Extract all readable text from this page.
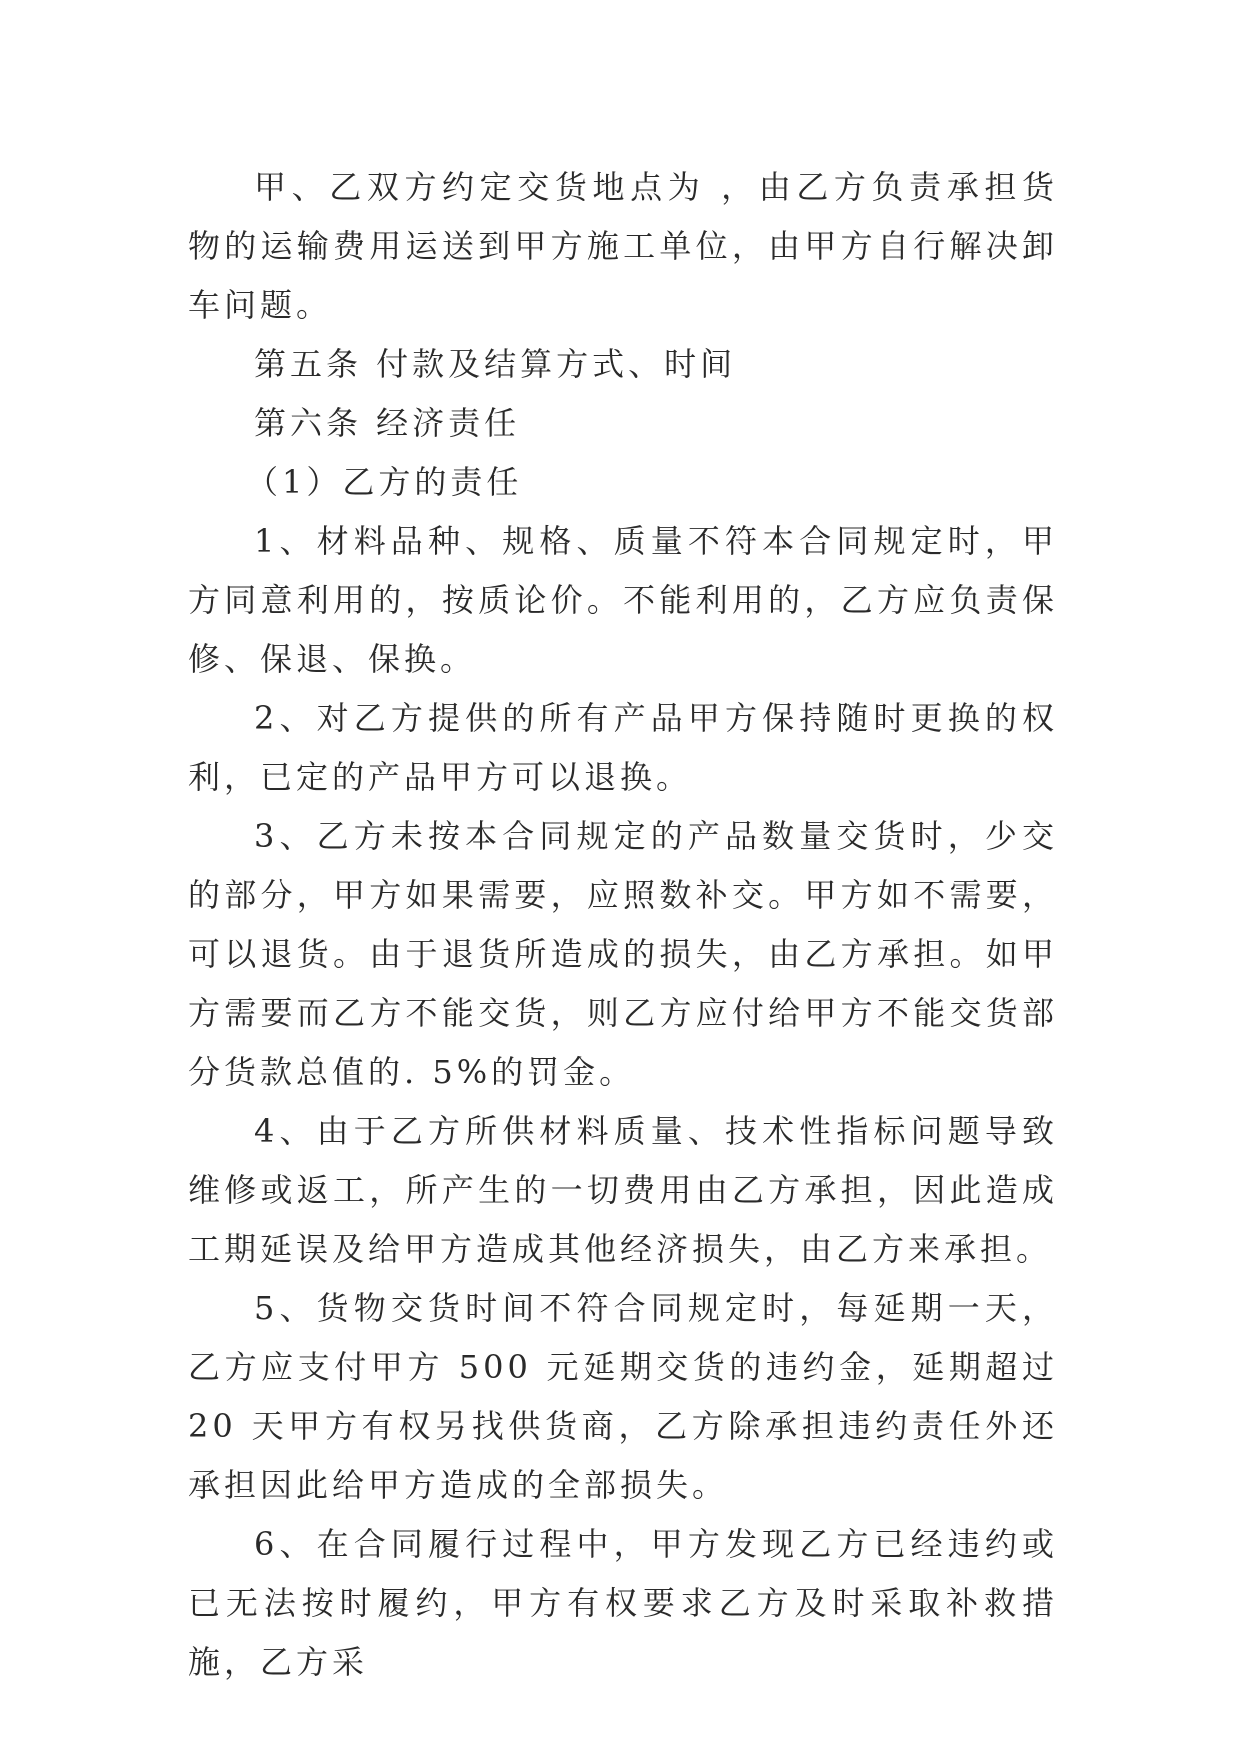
甲、乙双方约定交货地点为 ，由乙方负责承担货物的运输费用运送到甲方施工单位，由甲方自行解决卸车问题。

第五条 付款及结算方式、时间

第六条 经济责任

（1）乙方的责任

1、材料品种、规格、质量不符本合同规定时，甲方同意利用的，按质论价。不能利用的，乙方应负责保修、保退、保换。

2、对乙方提供的所有产品甲方保持随时更换的权利，已定的产品甲方可以退换。

3、乙方未按本合同规定的产品数量交货时，少交的部分，甲方如果需要，应照数补交。甲方如不需要，可以退货。由于退货所造成的损失，由乙方承担。如甲方需要而乙方不能交货，则乙方应付给甲方不能交货部分货款总值的. 5%的罚金。

4、由于乙方所供材料质量、技术性指标问题导致维修或返工，所产生的一切费用由乙方承担，因此造成工期延误及给甲方造成其他经济损失，由乙方来承担。

5、货物交货时间不符合同规定时，每延期一天，乙方应支付甲方 500 元延期交货的违约金，延期超过 20 天甲方有权另找供货商，乙方除承担违约责任外还承担因此给甲方造成的全部损失。

6、在合同履行过程中，甲方发现乙方已经违约或已无法按时履约，甲方有权要求乙方及时采取补救措施，乙方采
